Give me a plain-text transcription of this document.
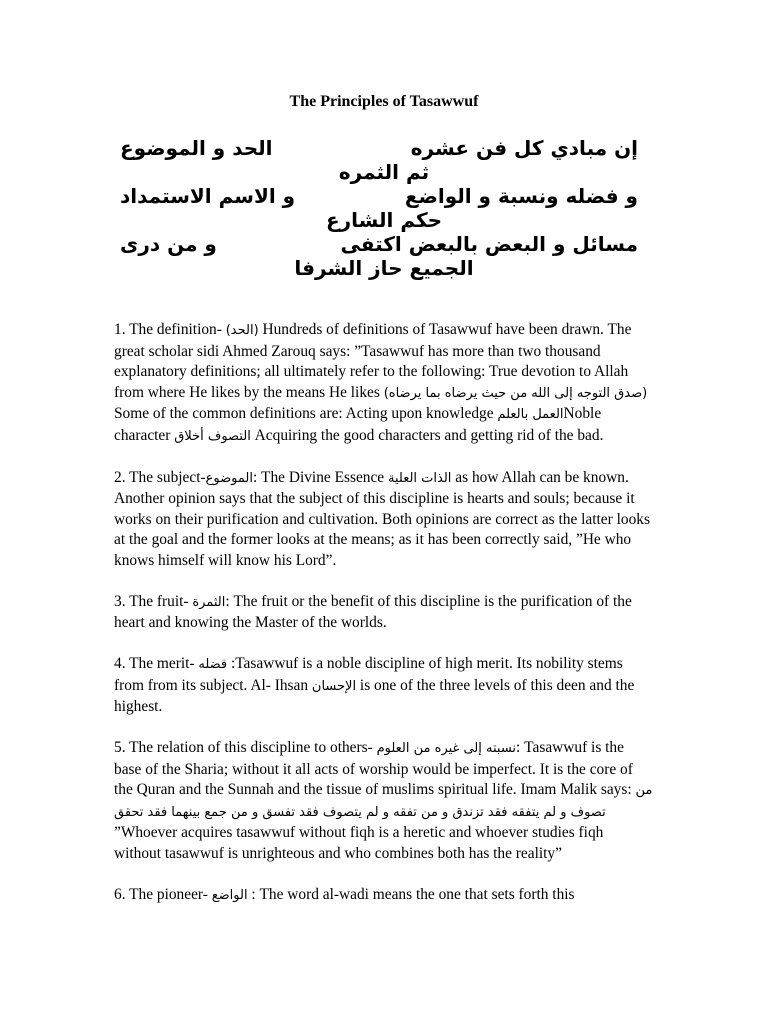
The Principles of Tasawwuf
إن مبادي كل فن عشره
الحد و الموضوع
ثم الثمره
و فضله ونسبة و الواضع
و الاسم الاستمداد
حكم الشارع
مسائل و البعض بالبعض اكتفى
و من درى
الجميع حاز الشرفا

1. The definition- (الحد) Hundreds of definitions of Tasawwuf have been drawn. The great scholar sidi Ahmed Zarouq says: ”Tasawwuf has more than two thousand explanatory definitions; all ultimately refer to the following: True devotion to Allah from where He likes by the means He likes (صدق التوجه إلى الله من حيث يرضاه بما يرضاه) Some of the common definitions are: Acting upon knowledge العمل بالعلمNoble character التصوف أخلاق Acquiring the good characters and getting rid of the bad.

2. The subject-الموضوع: The Divine Essence الذات العلية as how Allah can be known. Another opinion says that the subject of this discipline is hearts and souls; because it works on their purification and cultivation. Both opinions are correct as the latter looks at the goal and the former looks at the means; as it has been correctly said, ”He who knows himself will know his Lord”.

3. The fruit- الثمرة: The fruit or the benefit of this discipline is the purification of the heart and knowing the Master of the worlds.

4. The merit- فضله :Tasawwuf is a noble discipline of high merit. Its nobility stems from from its subject. Al- Ihsan الإحسان is one of the three levels of this deen and the highest.

5. The relation of this discipline to others- نسبته إلى غيره من العلوم: Tasawwuf is the base of the Sharia; without it all acts of worship would be imperfect. It is the core of the Quran and the Sunnah and the tissue of muslims spiritual life. Imam Malik says: من تصوف و لم يتفقه فقد تزندق و من تفقه و لم يتصوف فقد تفسق و من جمع بينهما فقد تحقق ”Whoever acquires tasawwuf without fiqh is a heretic and whoever studies fiqh without tasawwuf is unrighteous and who combines both has the reality”

6. The pioneer- الواضع : The word al-wadi means the one that sets forth this
